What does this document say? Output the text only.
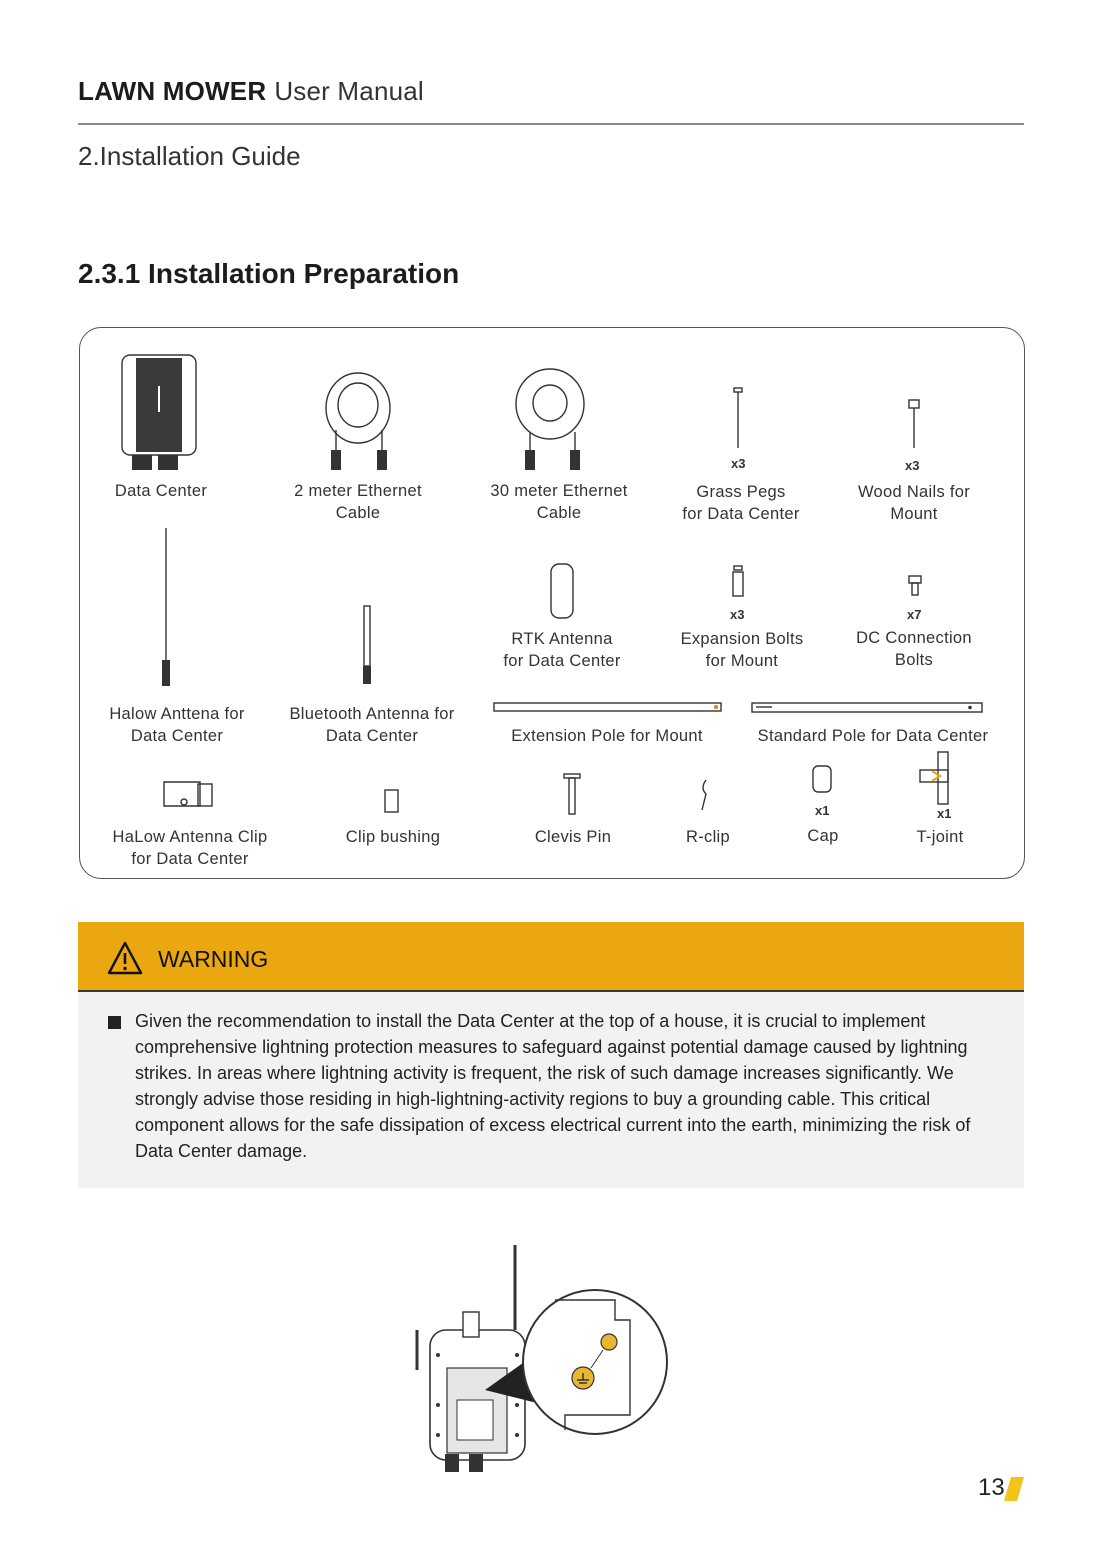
LAWN MOWER User Manual
2.Installation Guide
2.3.1 Installation Preparation
x3	x3
x3	x7
x1	x1
Data Center	2 meter Ethernet
Cable
30 meter Ethernet
Cable
Grass Pegs
for Data Center
Wood Nails for
Mount
RTK Antenna
for Data Center
Expansion Bolts
for Mount
DC Connection
Bolts
Halow Anttena for
Data Center
Bluetooth Antenna for
Data Center	Extension Pole for Mount	Standard Pole for Data Center
HaLow Antenna Clip
for Data Center
Clip bushing	Clevis Pin	R-clip	Cap	T-joint
WARNING
Given the recommendation to install the Data Center at the top of a house, it is crucial to implement comprehensive lightning protection measures to safeguard against potential damage caused by lightning strikes. In areas where lightning activity is frequent, the risk of such damage increases significantly. We strongly advise those residing in high-lightning-activity regions to buy a grounding cable. This critical component allows for the safe dissipation of excess electrical current into the earth, minimizing the risk of Data Center damage.
13
